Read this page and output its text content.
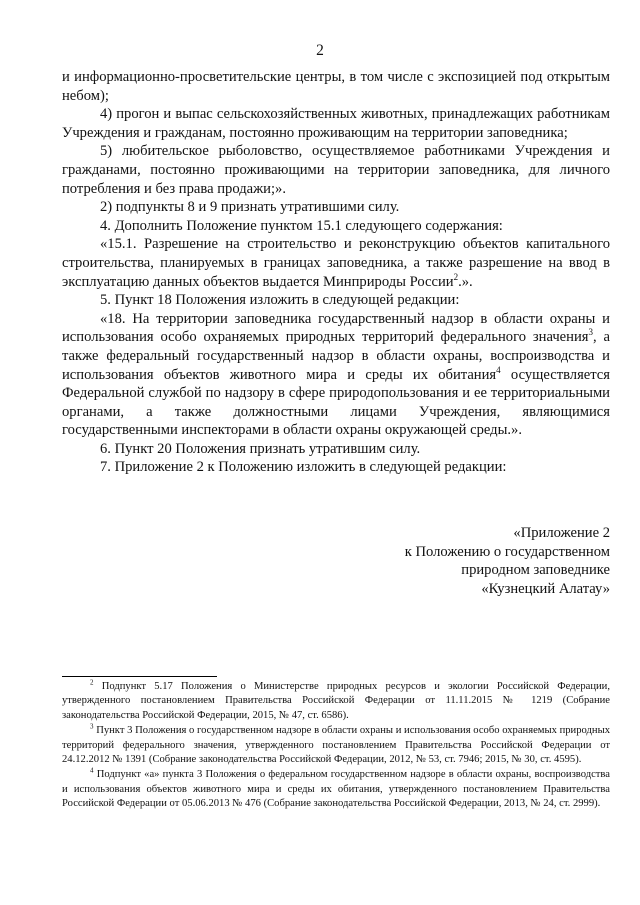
2

и информационно-просветительские центры, в том числе с экспозицией под открытым небом);

4) прогон и выпас сельскохозяйственных животных, принадлежащих работникам Учреждения и гражданам, постоянно проживающим на территории заповедника;

5) любительское рыболовство, осуществляемое работниками Учреждения и гражданами, постоянно проживающими на территории заповедника, для личного потребления и без права продажи;».

2) подпункты 8 и 9 признать утратившими силу.

4. Дополнить Положение пунктом 15.1 следующего содержания:

«15.1. Разрешение на строительство и реконструкцию объектов капитального строительства, планируемых в границах заповедника, а также разрешение на ввод в эксплуатацию данных объектов выдается Минприроды России$^2$.».

5. Пункт 18 Положения изложить в следующей редакции:

«18. На территории заповедника государственный надзор в области охраны и использования особо охраняемых природных территорий федерального значения$^3$, а также федеральный государственный надзор в области охраны, воспроизводства и использования объектов животного мира и среды их обитания$^4$ осуществляется Федеральной службой по надзору в сфере природопользования и ее территориальными органами, а также должностными лицами Учреждения, являющимися государственными инспекторами в области охраны окружающей среды.».

6. Пункт 20 Положения признать утратившим силу.

7. Приложение 2 к Положению изложить в следующей редакции:

«Приложение 2
к Положению о государственном
природном заповеднике
«Кузнецкий Алатау»

$^2$ Подпункт 5.17 Положения о Министерстве природных ресурсов и экологии Российской Федерации, утвержденного постановлением Правительства Российской Федерации от 11.11.2015 № 1219 (Собрание законодательства Российской Федерации, 2015, № 47, ст. 6586).

$^3$ Пункт 3 Положения о государственном надзоре в области охраны и использования особо охраняемых природных территорий федерального значения, утвержденного постановлением Правительства Российской Федерации от 24.12.2012 № 1391 (Собрание законодательства Российской Федерации, 2012, № 53, ст. 7946; 2015, № 30, ст. 4595).

$^4$ Подпункт «а» пункта 3 Положения о федеральном государственном надзоре в области охраны, воспроизводства и использования объектов животного мира и среды их обитания, утвержденного постановлением Правительства Российской Федерации от 05.06.2013 № 476 (Собрание законодательства Российской Федерации, 2013, № 24, ст. 2999).
